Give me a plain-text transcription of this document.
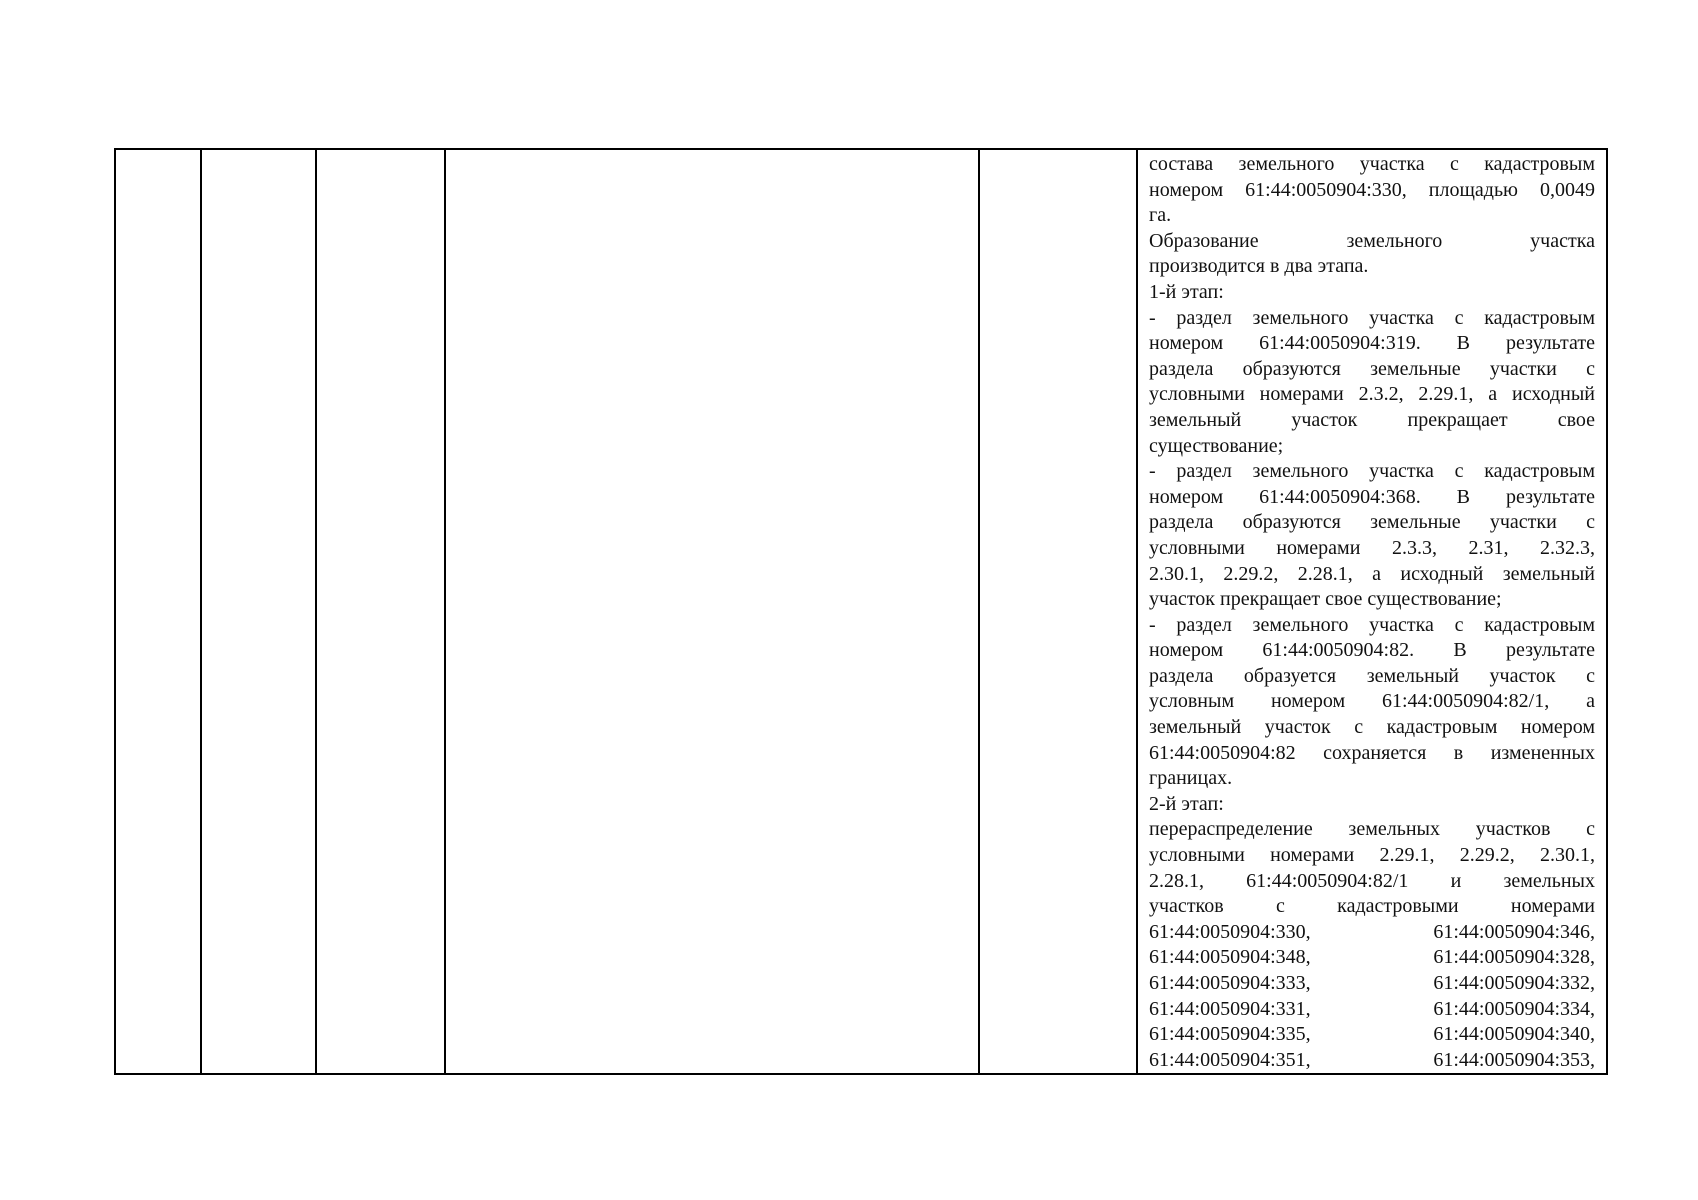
состава земельного участка с кадастровым
номером 61:44:0050904:330, площадью 0,0049
га.
Образование земельного участка
производится в два этапа.
1-й этап:
- раздел земельного участка с кадастровым
номером 61:44:0050904:319. В результате
раздела образуются земельные участки с
условными номерами 2.3.2, 2.29.1, а исходный
земельный участок прекращает свое
существование;
- раздел земельного участка с кадастровым
номером 61:44:0050904:368. В результате
раздела образуются земельные участки с
условными номерами 2.3.3, 2.31, 2.32.3,
2.30.1, 2.29.2, 2.28.1, а исходный земельный
участок прекращает свое существование;
- раздел земельного участка с кадастровым
номером 61:44:0050904:82. В результате
раздела образуется земельный участок с
условным номером 61:44:0050904:82/1, а
земельный участок с кадастровым номером
61:44:0050904:82 сохраняется в измененных
границах.
2-й этап:
перераспределение земельных участков с
условными номерами 2.29.1, 2.29.2, 2.30.1,
2.28.1, 61:44:0050904:82/1 и земельных
участков с кадастровыми номерами
61:44:0050904:330, 61:44:0050904:346,
61:44:0050904:348, 61:44:0050904:328,
61:44:0050904:333, 61:44:0050904:332,
61:44:0050904:331, 61:44:0050904:334,
61:44:0050904:335, 61:44:0050904:340,
61:44:0050904:351, 61:44:0050904:353,
